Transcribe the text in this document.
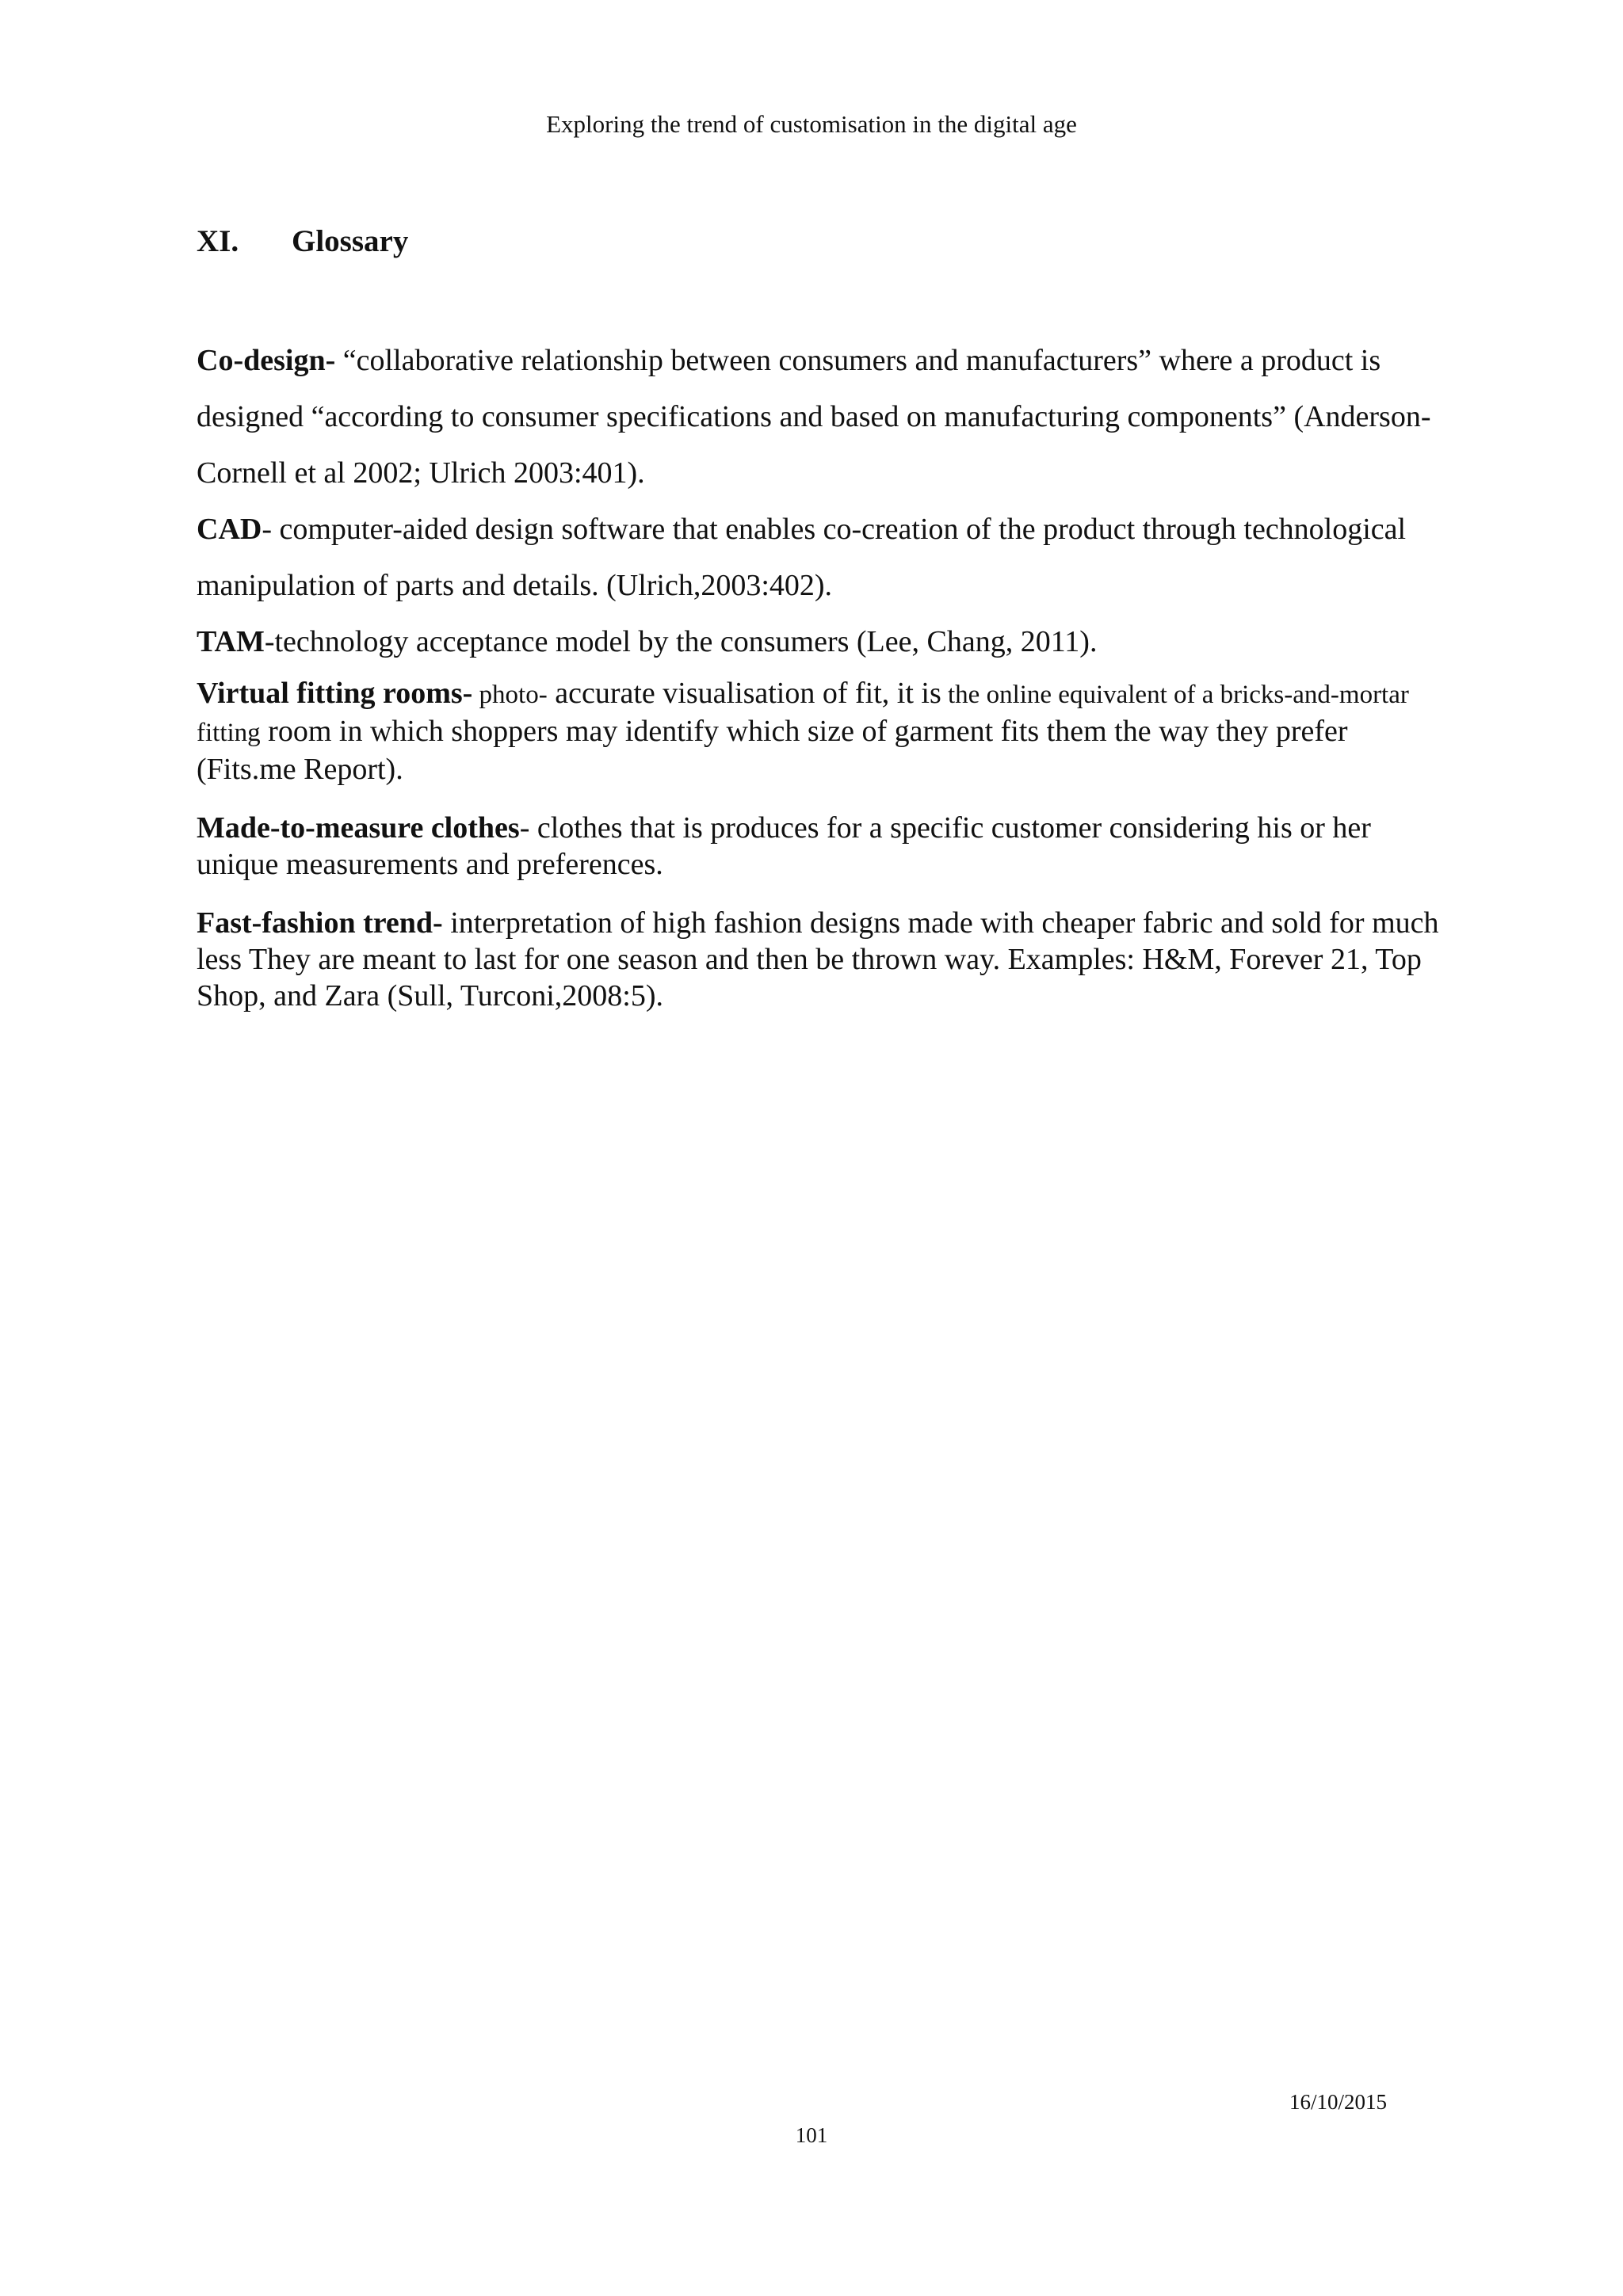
Exploring the trend of customisation in the digital age
XI. Glossary

Co-design- “collaborative relationship between consumers and manufacturers” where a product is designed “according to consumer specifications and based on manufacturing components” (Anderson-Cornell et al 2002; Ulrich 2003:401).

CAD- computer-aided design software that enables co-creation of the product through technological manipulation of parts and details. (Ulrich,2003:402).

TAM-technology acceptance model by the consumers (Lee, Chang, 2011).

Virtual fitting rooms- photo- accurate visualisation of fit, it is the online equivalent of a bricks-and-mortar fitting room in which shoppers may identify which size of garment fits them the way they prefer (Fits.me Report).

Made-to-measure clothes- clothes that is produces for a specific customer considering his or her unique measurements and preferences.

Fast-fashion trend- interpretation of high fashion designs made with cheaper fabric and sold for much less They are meant to last for one season and then be thrown way. Examples: H&M, Forever 21, Top Shop, and Zara (Sull, Turconi,2008:5).

16/10/2015
101
